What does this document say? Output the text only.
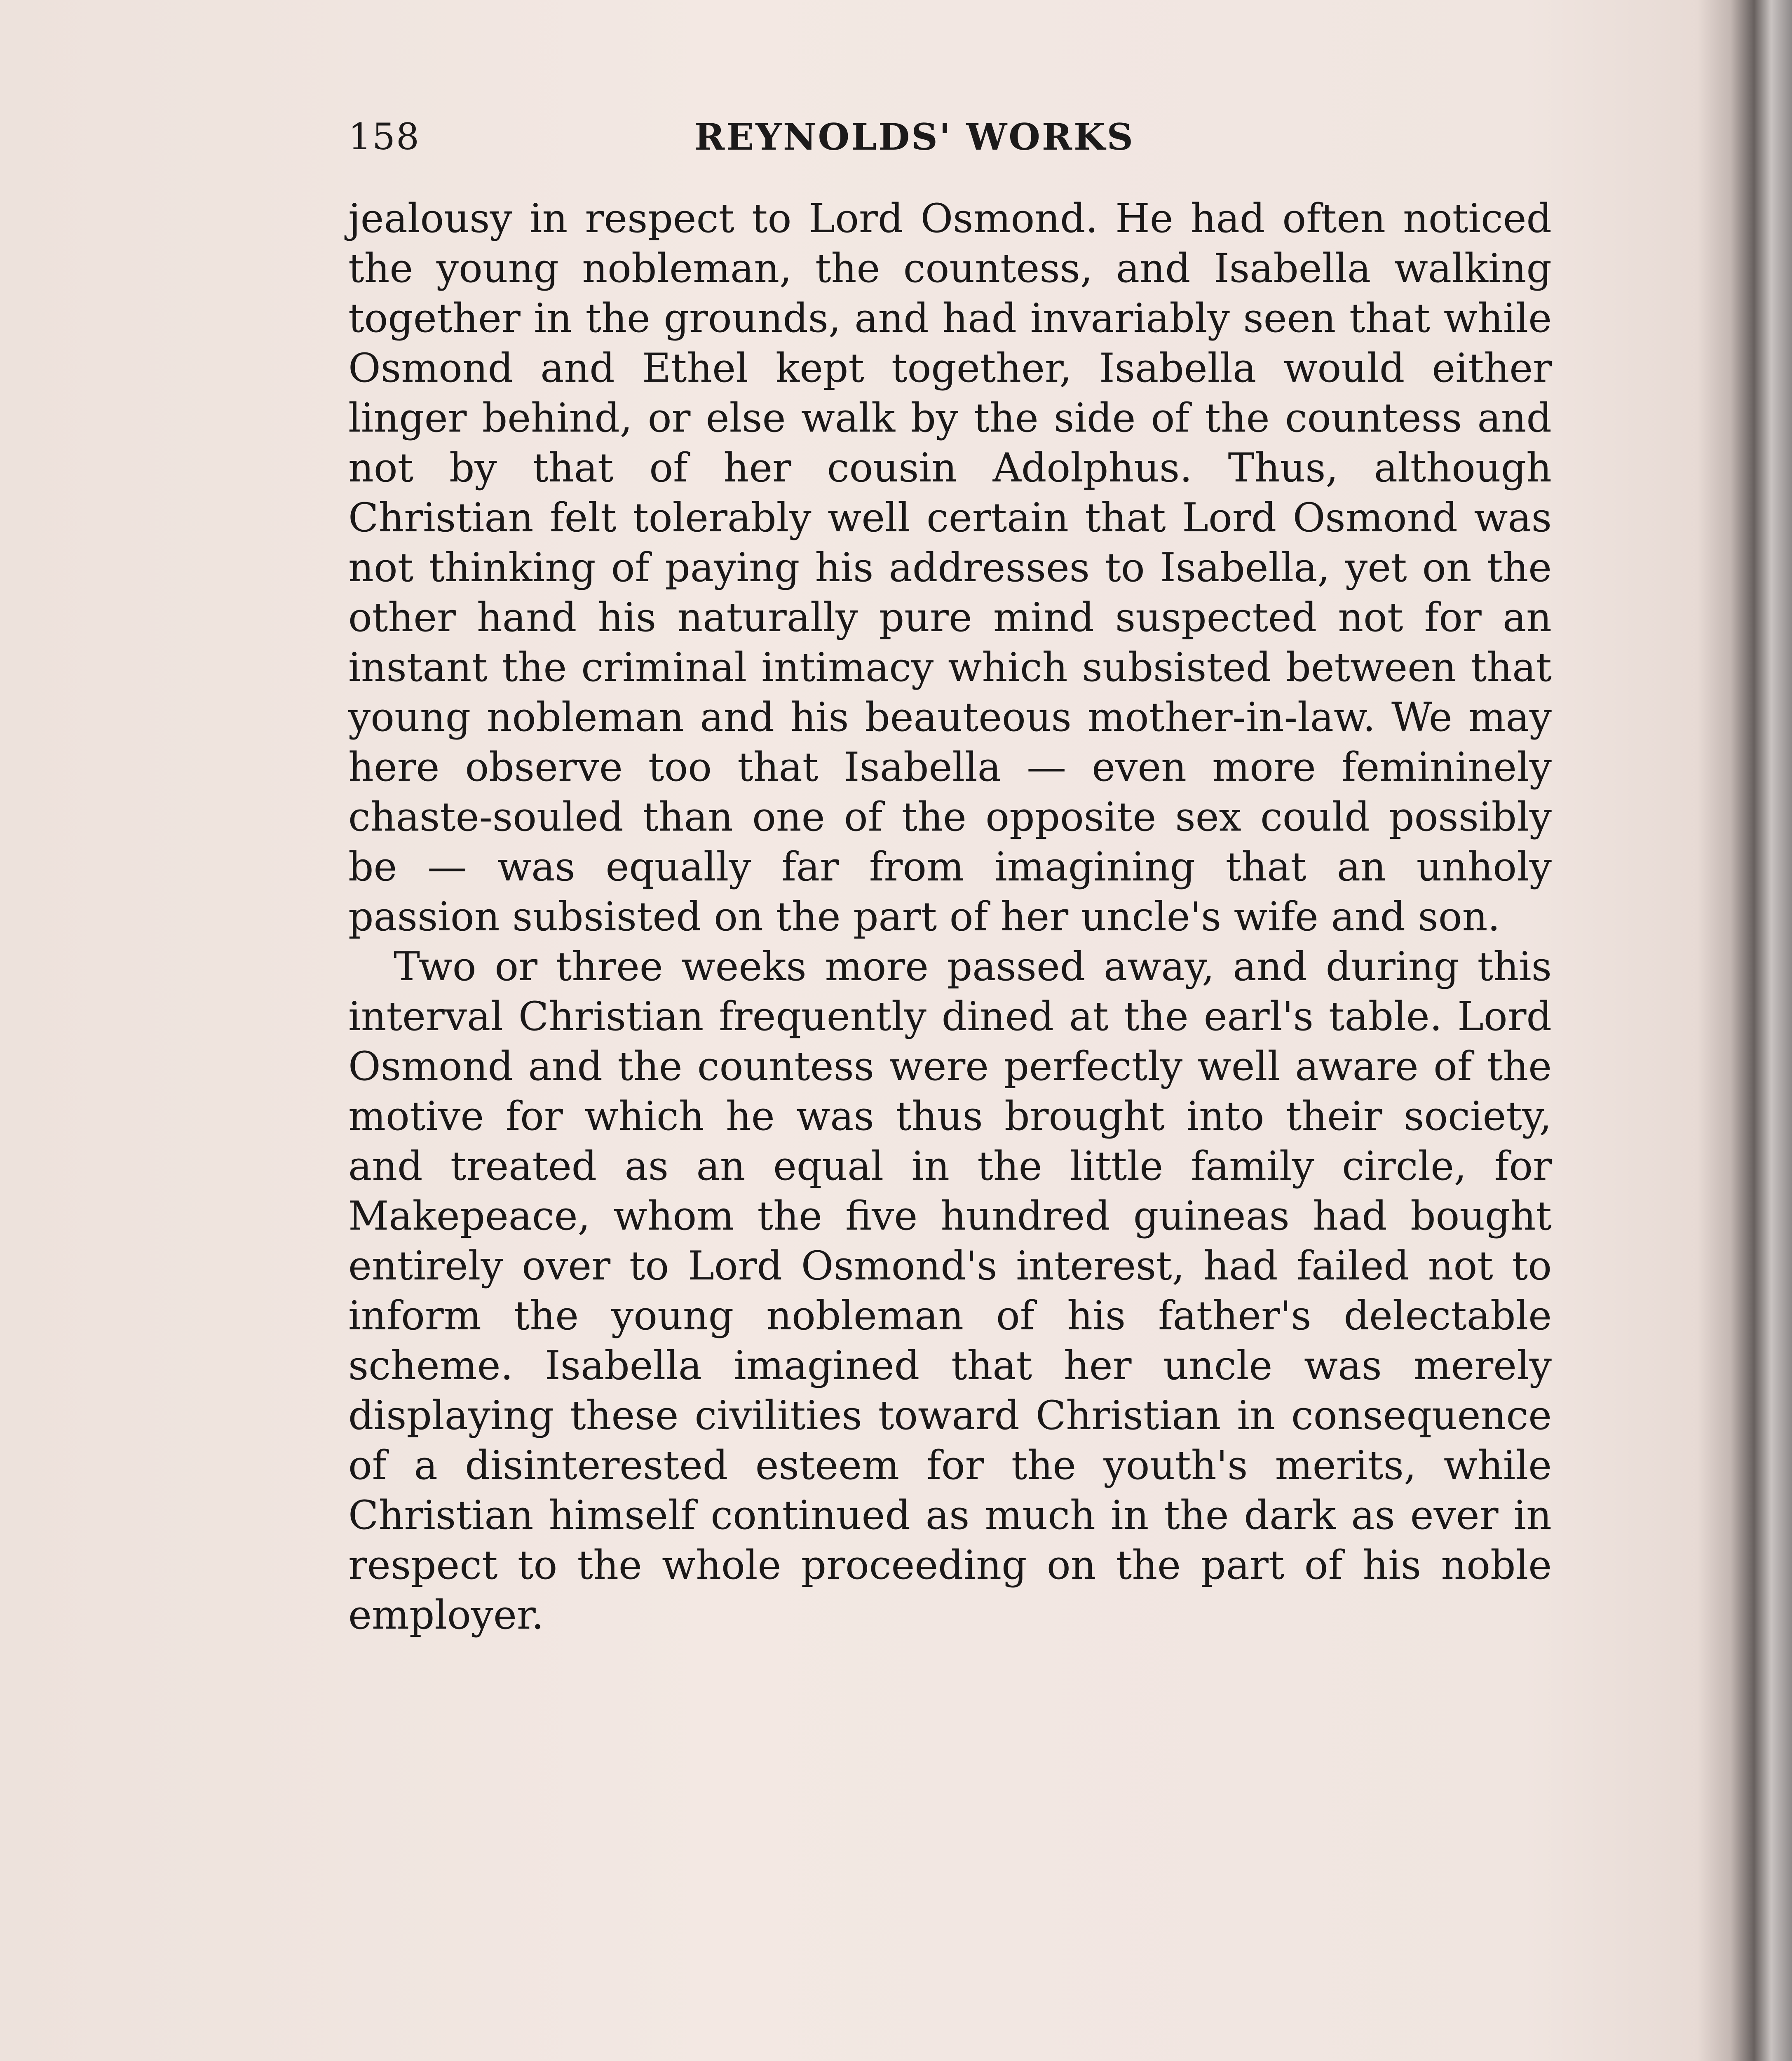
158	REYNOLDS' WORKS

jealousy in respect to Lord Osmond. He had often noticed the young nobleman, the countess, and Isabella walking together in the grounds, and had invariably seen that while Osmond and Ethel kept together, Isabella would either linger behind, or else walk by the side of the countess and not by that of her cousin Adolphus. Thus, although Christian felt tolerably well certain that Lord Osmond was not thinking of paying his addresses to Isabella, yet on the other hand his naturally pure mind suspected not for an instant the criminal intimacy which subsisted between that young nobleman and his beauteous mother-in-law. We may here observe too that Isabella — even more femininely chaste-souled than one of the opposite sex could possibly be — was equally far from imagining that an unholy passion subsisted on the part of her uncle's wife and son.

Two or three weeks more passed away, and during this interval Christian frequently dined at the earl's table. Lord Osmond and the countess were perfectly well aware of the motive for which he was thus brought into their society, and treated as an equal in the little family circle, for Makepeace, whom the five hundred guineas had bought entirely over to Lord Osmond's interest, had failed not to inform the young nobleman of his father's delectable scheme. Isabella imagined that her uncle was merely displaying these civilities toward Christian in consequence of a disinterested esteem for the youth's merits, while Christian himself continued as much in the dark as ever in respect to the whole proceeding on the part of his noble employer.
